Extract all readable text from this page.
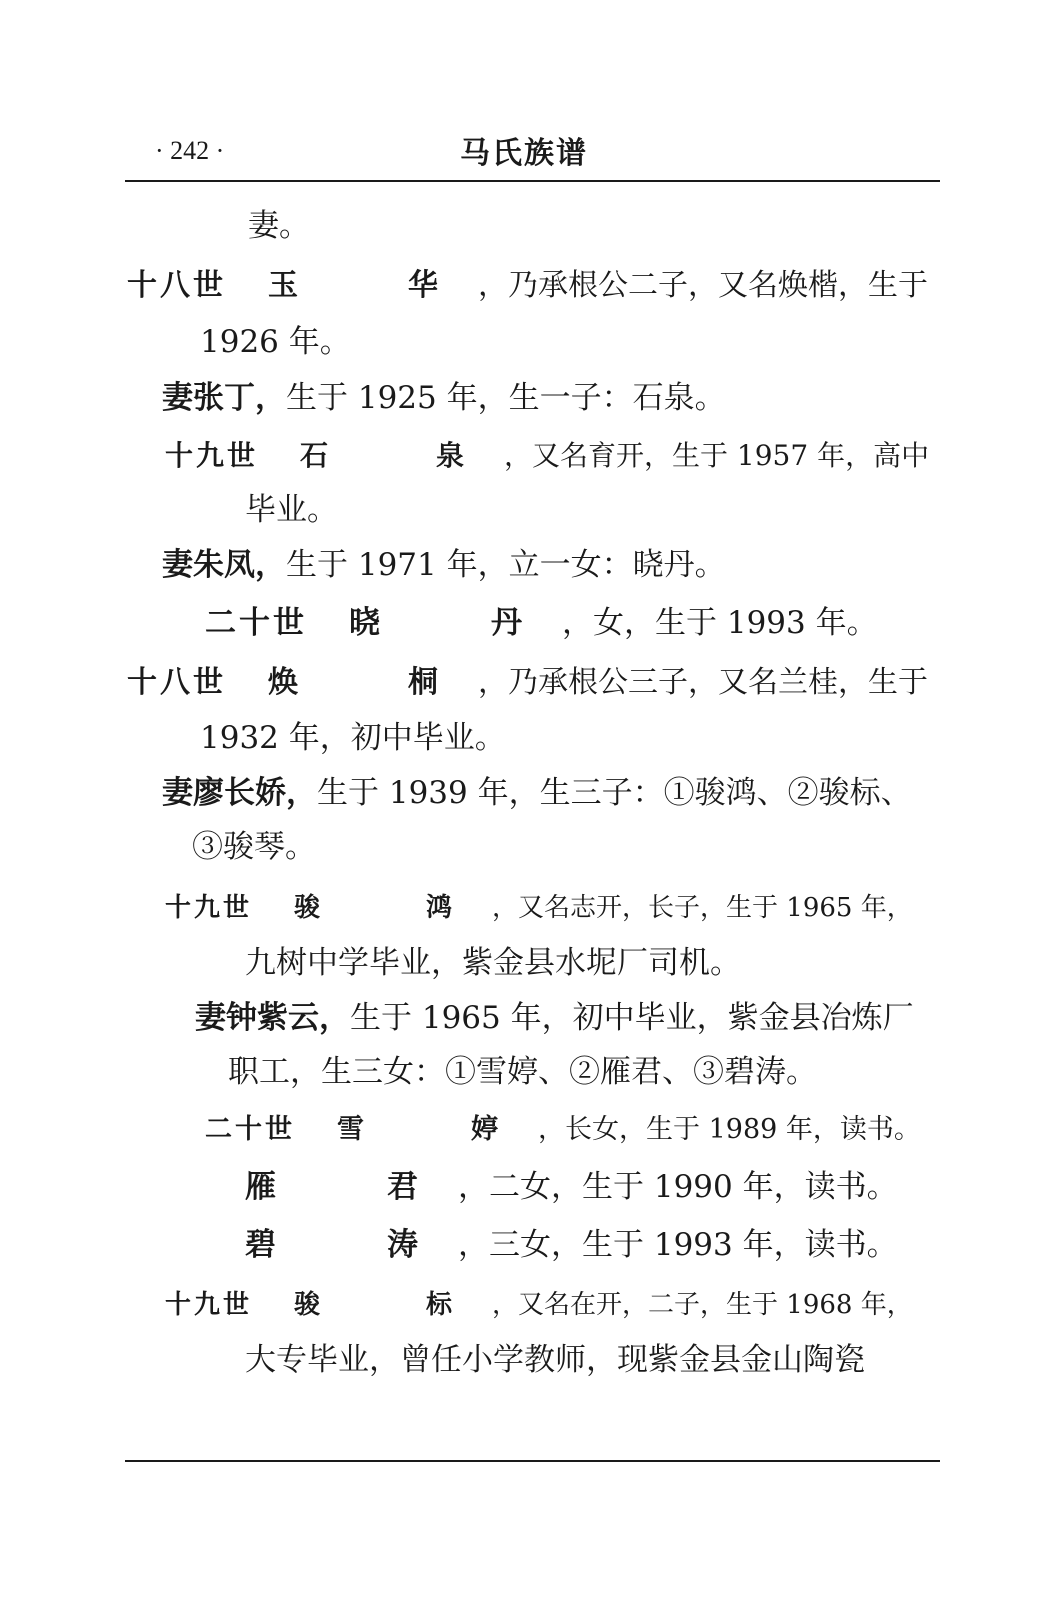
· 242 ·	马氏族谱
妻。
十八世 玉　华，乃承根公二子，又名焕楷，生于
1926 年。
妻张丁，生于 1925 年，生一子：石泉。
十九世 石　泉，又名育开，生于 1957 年，高中
毕业。
妻朱凤，生于 1971 年，立一女：晓丹。
二十世 晓　丹，女，生于 1993 年。
十八世 焕　桐，乃承根公三子，又名兰桂，生于
1932 年，初中毕业。
妻廖长娇，生于 1939 年，生三子：①骏鸿、②骏标、
③骏琴。
十九世 骏　鸿，又名志开，长子，生于 1965 年，
九树中学毕业，紫金县水坭厂司机。
妻钟紫云，生于 1965 年，初中毕业，紫金县冶炼厂
职工，生三女：①雪婷、②雁君、③碧涛。
二十世 雪　婷，长女，生于 1989 年，读书。
雁　君，二女，生于 1990 年，读书。
碧　涛，三女，生于 1993 年，读书。
十九世 骏　标，又名在开，二子，生于 1968 年，
大专毕业，曾任小学教师，现紫金县金山陶瓷
